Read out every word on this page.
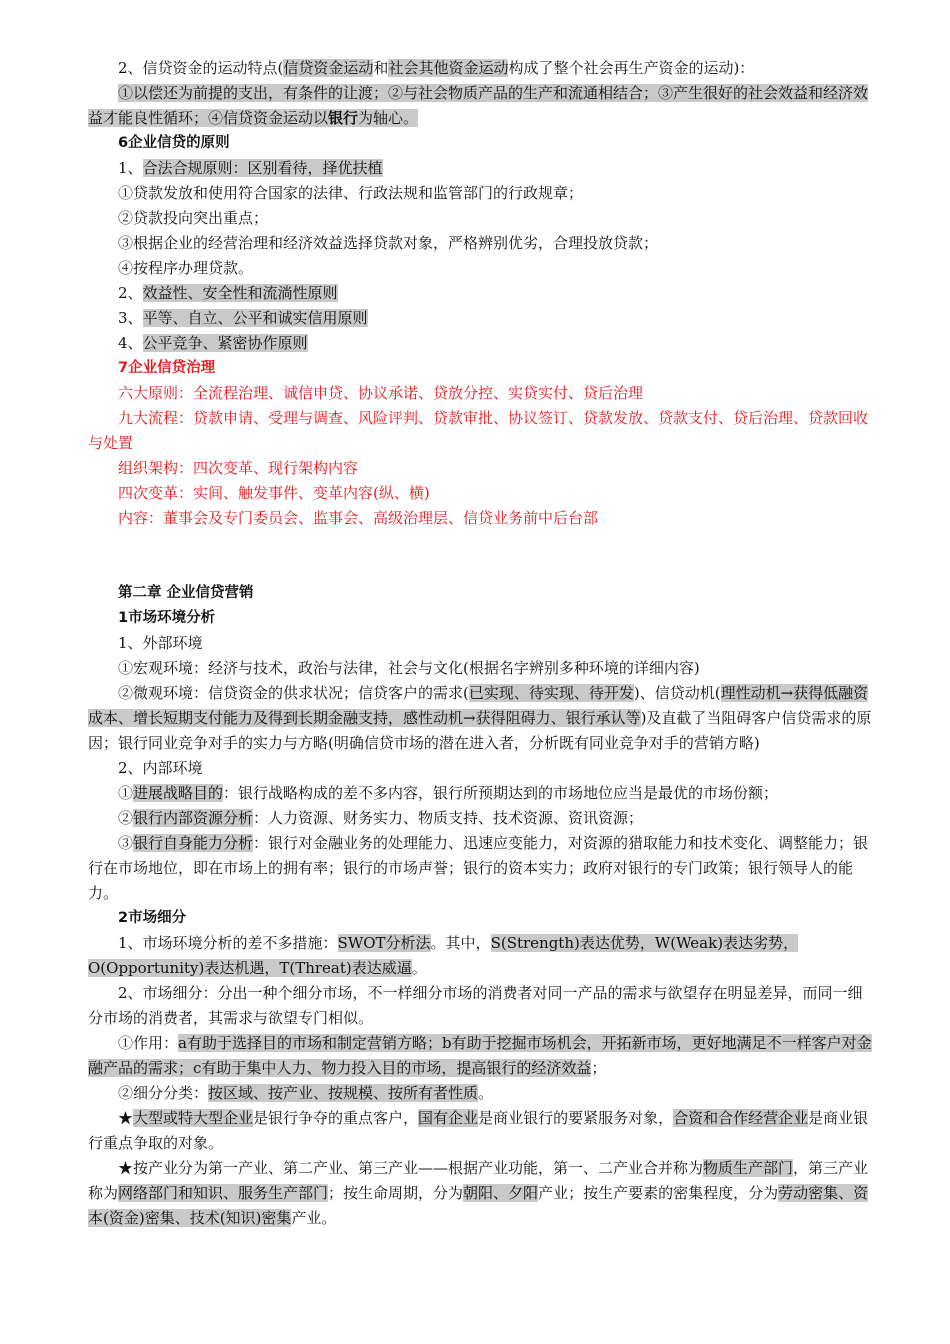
2、信贷资金的运动特点(信贷资金运动和社会其他资金运动构成了整个社会再生产资金的运动)：

①以偿还为前提的支出，有条件的让渡；②与社会物质产品的生产和流通相结合；③产生很好的社会效益和经济效益才能良性循环；④信贷资金运动以银行为轴心。

6企业信贷的原则

1、合法合规原则：区别看待，择优扶植

①贷款发放和使用符合国家的法律、行政法规和监管部门的行政规章；

②贷款投向突出重点；

③根据企业的经营治理和经济效益选择贷款对象，严格辨别优劣，合理投放贷款；

④按程序办理贷款。

2、效益性、安全性和流淌性原则

3、平等、自立、公平和诚实信用原则

4、公平竞争、紧密协作原则

7企业信贷治理

六大原则：全流程治理、诚信申贷、协议承诺、贷放分控、实贷实付、贷后治理

九大流程：贷款申请、受理与调查、风险评判、贷款审批、协议签订、贷款发放、贷款支付、贷后治理、贷款回收与处置

组织架构：四次变革、现行架构内容

四次变革：实间、触发事件、变革内容(纵、横)

内容：董事会及专门委员会、监事会、高级治理层、信贷业务前中后台部

第二章 企业信贷营销

1市场环境分析

1、外部环境

①宏观环境：经济与技术，政治与法律，社会与文化(根据名字辨别多种环境的详细内容)

②微观环境：信贷资金的供求状况；信贷客户的需求(已实现、待实现、待开发)、信贷动机(理性动机→获得低融资成本、增长短期支付能力及得到长期金融支持，感性动机→获得阻碍力、银行承认等)及直截了当阻碍客户信贷需求的原因；银行同业竞争对手的实力与方略(明确信贷市场的潜在进入者，分析既有同业竞争对手的营销方略)

2、内部环境

①进展战略目的：银行战略构成的差不多内容，银行所预期达到的市场地位应当是最优的市场份额；

②银行内部资源分析：人力资源、财务实力、物质支持、技术资源、资讯资源；

③银行自身能力分析：银行对金融业务的处理能力、迅速应变能力，对资源的猎取能力和技术变化、调整能力；银行在市场地位，即在市场上的拥有率；银行的市场声誉；银行的资本实力；政府对银行的专门政策；银行领导人的能力。

2市场细分

1、市场环境分析的差不多措施：SWOT分析法。其中，S(Strength)表达优势，W(Weak)表达劣势，O(Opportunity)表达机遇，T(Threat)表达威逼。

2、市场细分：分出一种个细分市场，不一样细分市场的消费者对同一产品的需求与欲望存在明显差异，而同一细分市场的消费者，其需求与欲望专门相似。

①作用：a有助于选择目的市场和制定营销方略；b有助于挖掘市场机会，开拓新市场，更好地满足不一样客户对金融产品的需求；c有助于集中人力、物力投入目的市场，提高银行的经济效益；

②细分分类：按区域、按产业、按规模、按所有者性质。

★大型或特大型企业是银行争夺的重点客户，国有企业是商业银行的要紧服务对象，合资和合作经营企业是商业银行重点争取的对象。

★按产业分为第一产业、第二产业、第三产业——根据产业功能，第一、二产业合并称为物质生产部门，第三产业称为网络部门和知识、服务生产部门；按生命周期，分为朝阳、夕阳产业；按生产要素的密集程度，分为劳动密集、资本(资金)密集、技术(知识)密集产业。
